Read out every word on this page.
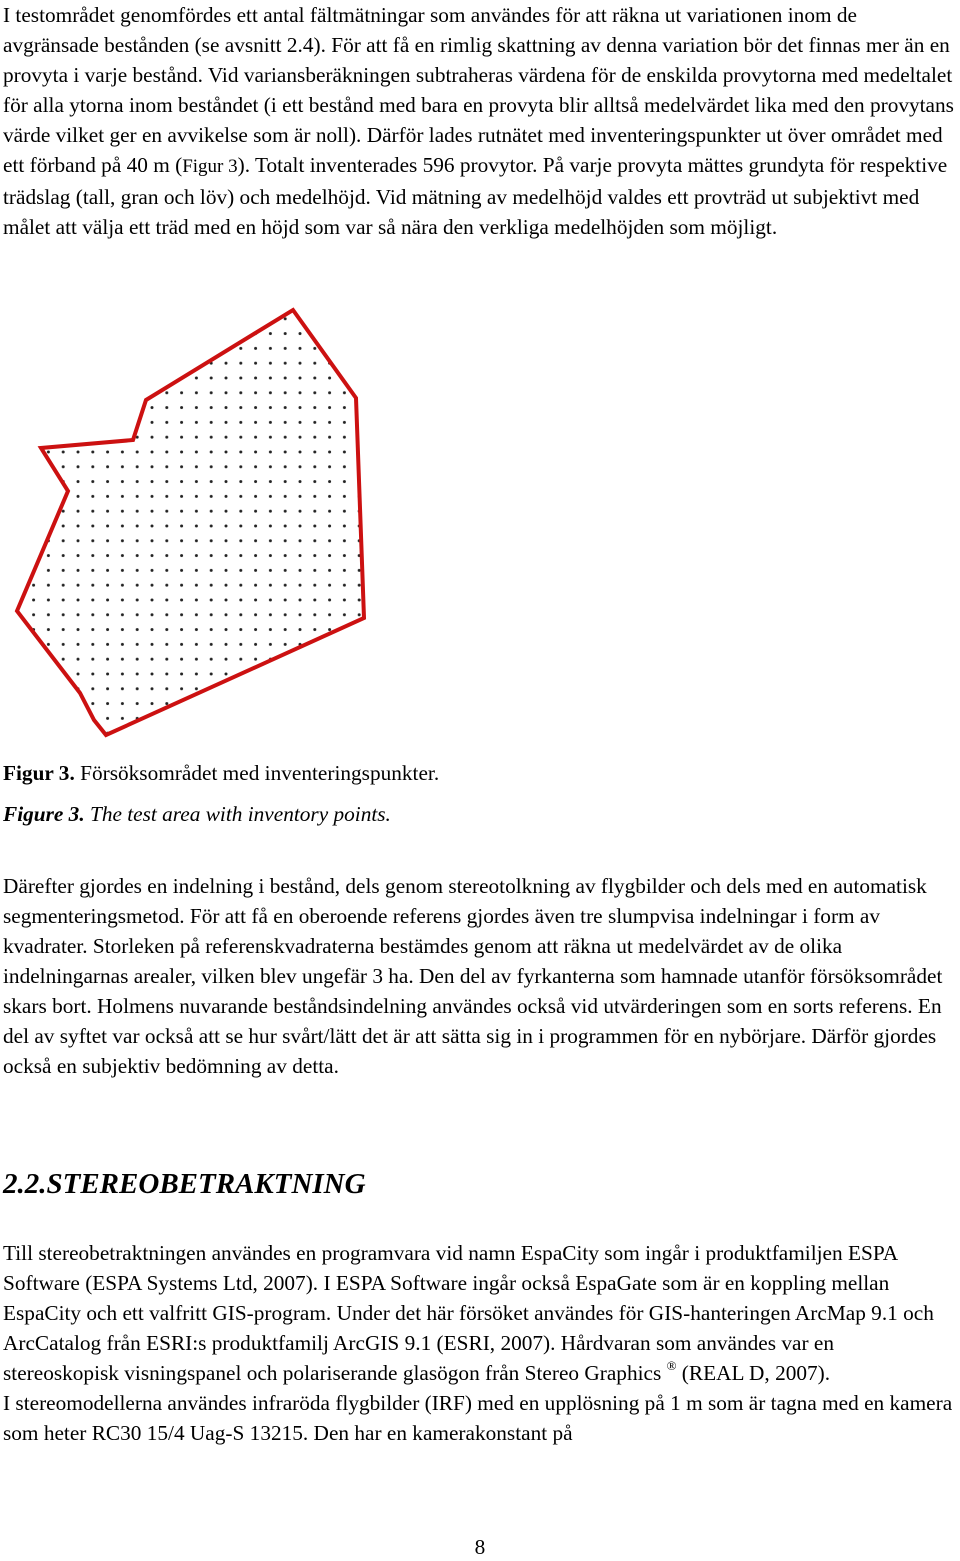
I testområdet genomfördes ett antal fältmätningar som användes för att räkna ut variationen inom de avgränsade bestånden (se avsnitt 2.4). För att få en rimlig skattning av denna variation bör det finnas mer än en provyta i varje bestånd. Vid variansberäkningen subtraheras värdena för de enskilda provytorna med medeltalet för alla ytorna inom beståndet (i ett bestånd med bara en provyta blir alltså medelvärdet lika med den provytans värde vilket ger en avvikelse som är noll). Därför lades rutnätet med inventeringspunkter ut över området med ett förband på 40 m (Figur 3). Totalt inventerades 596 provytor. På varje provyta mättes grundyta för respektive trädslag (tall, gran och löv) och medelhöjd. Vid mätning av medelhöjd valdes ett provträd ut subjektivt med målet att välja ett träd med en höjd som var så nära den verkliga medelhöjden som möjligt.

Figur 3. Försöksområdet med inventeringspunkter.
Figure 3. The test area with inventory points.

Därefter gjordes en indelning i bestånd, dels genom stereotolkning av flygbilder och dels med en automatisk segmenteringsmetod. För att få en oberoende referens gjordes även tre slumpvisa indelningar i form av kvadrater. Storleken på referenskvadraterna bestämdes genom att räkna ut medelvärdet av de olika indelningarnas arealer, vilken blev ungefär 3 ha. Den del av fyrkanterna som hamnade utanför försöksområdet skars bort. Holmens nuvarande beståndsindelning användes också vid utvärderingen som en sorts referens. En del av syftet var också att se hur svårt/lätt det är att sätta sig in i programmen för en nybörjare. Därför gjordes också en subjektiv bedömning av detta.

2.2.STEREOBETRAKTNING

Till stereobetraktningen användes en programvara vid namn EspaCity som ingår i produktfamiljen ESPA Software (ESPA Systems Ltd, 2007). I ESPA Software ingår också EspaGate som är en koppling mellan EspaCity och ett valfritt GIS-program. Under det här försöket användes för GIS-hanteringen ArcMap 9.1 och ArcCatalog från ESRI:s produktfamilj ArcGIS 9.1 (ESRI, 2007). Hårdvaran som användes var en stereoskopisk visningspanel och polariserande glasögon från Stereo Graphics ® (REAL D, 2007).
I stereomodellerna användes infraröda flygbilder (IRF) med en upplösning på 1 m som är tagna med en kamera som heter RC30 15/4 Uag-S 13215. Den har en kamerakonstant på

8
